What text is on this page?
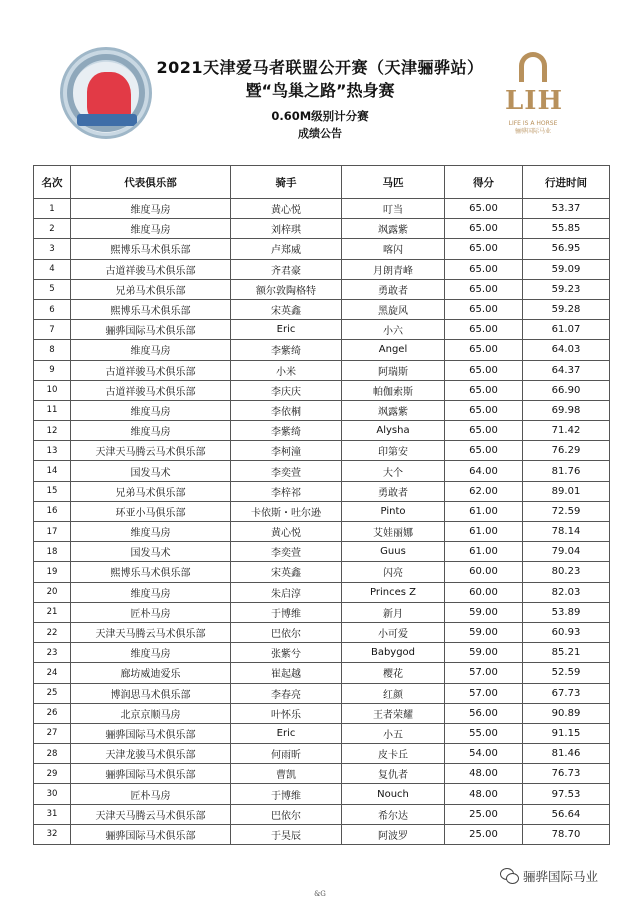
2021天津爱马者联盟公开赛（天津骊骅站）
暨“鸟巢之路”热身赛
0.60M级别计分赛
成绩公告
LIH
LIFE IS A HORSE
骊骅国际马业
名次	代表俱乐部	骑手	马匹	得分	行进时间
1	维度马房	黄心悦	叮当	65.00	53.37
2	维度马房	刘梓琪	飒露紫	65.00	55.85
3	熙博乐马术俱乐部	卢郑威	喀闪	65.00	56.95
4	古道祥骏马术俱乐部	齐君豪	月朗青峰	65.00	59.09
5	兄弟马术俱乐部	额尔敦陶格特	勇敢者	65.00	59.23
6	熙博乐马术俱乐部	宋英鑫	黑旋风	65.00	59.28
7	骊骅国际马术俱乐部	Eric	小六	65.00	61.07
8	维度马房	李紫绮	Angel	65.00	64.03
9	古道祥骏马术俱乐部	小米	阿瑞斯	65.00	64.37
10	古道祥骏马术俱乐部	李庆庆	帕伽索斯	65.00	66.90
11	维度马房	李依桐	飒露紫	65.00	69.98
12	维度马房	李紫绮	Alysha	65.00	71.42
13	天津天马腾云马术俱乐部	李柯潼	印第安	65.00	76.29
14	国发马术	李奕萱	大个	64.00	81.76
15	兄弟马术俱乐部	李梓祁	勇敢者	62.00	89.01
16	环亚小马俱乐部	卡依斯・吐尔逊	Pinto	61.00	72.59
17	维度马房	黄心悦	艾娃丽娜	61.00	78.14
18	国发马术	李奕萱	Guus	61.00	79.04
19	熙博乐马术俱乐部	宋英鑫	闪亮	60.00	80.23
20	维度马房	朱启淳	Princes Z	60.00	82.03
21	匠朴马房	于博维	新月	59.00	53.89
22	天津天马腾云马术俱乐部	巴依尔	小可爱	59.00	60.93
23	维度马房	张紫兮	Babygod	59.00	85.21
24	廊坊威迪爱乐	崔起越	樱花	57.00	52.59
25	博润思马术俱乐部	李春亮	红颜	57.00	67.73
26	北京京顺马房	叶怀乐	王者荣耀	56.00	90.89
27	骊骅国际马术俱乐部	Eric	小五	55.00	91.15
28	天津龙骏马术俱乐部	何雨昕	皮卡丘	54.00	81.46
29	骊骅国际马术俱乐部	曹凯	复仇者	48.00	76.73
30	匠朴马房	于博维	Nouch	48.00	97.53
31	天津天马腾云马术俱乐部	巴依尔	希尔达	25.00	56.64
32	骊骅国际马术俱乐部	于昊辰	阿波罗	25.00	78.70
骊骅国际马业
&G
